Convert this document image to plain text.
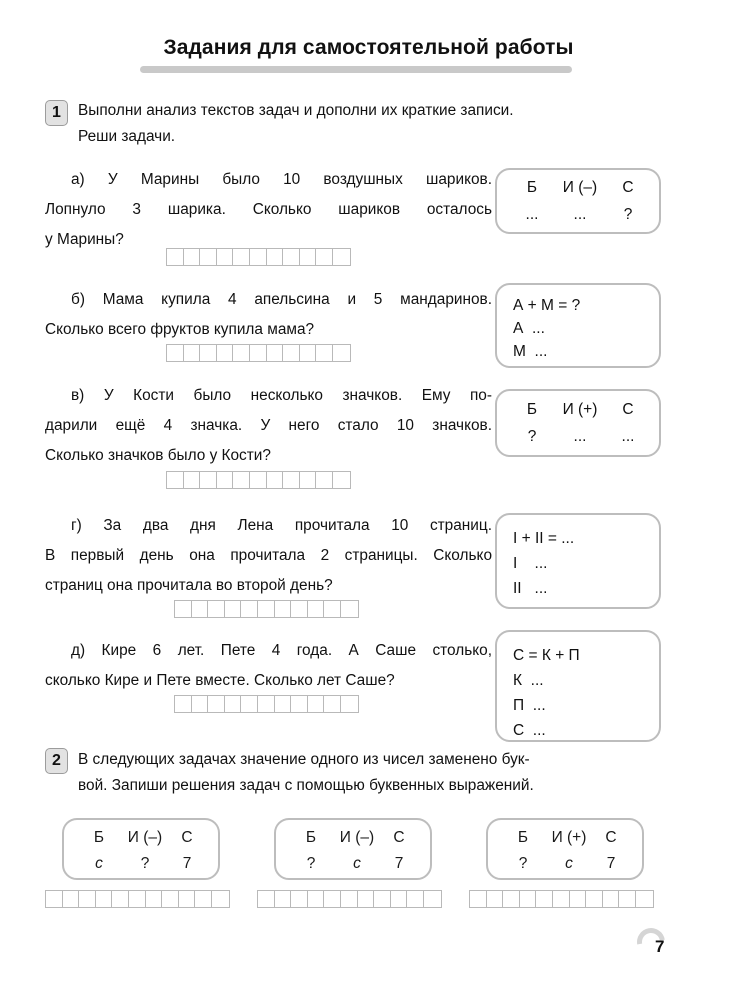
Задания для самостоятельной работы
1	Выполни анализ текстов задач и дополни их краткие записи.
Реши задачи.
а) У Марины было 10 воздушных шариков.
Лопнуло 3 шарика. Сколько шариков осталось
у Марины?
Б	И (–)	С
...	...	?
б) Мама купила 4 апельсина и 5 мандаринов.
Сколько всего фруктов купила мама?
А + М = ?
А  ...
М  ...
в) У Кости было несколько значков. Ему по-
дарили ещё 4 значка. У него стало 10 значков.
Сколько значков было у Кости?
Б	И (+)	С
?	...	...
г) За два дня Лена прочитала 10 страниц.
В первый день она прочитала 2 страницы. Сколько
страниц она прочитала во второй день?
I + II = ...
I    ...
II   ...
д) Кире 6 лет. Пете 4 года. А Саше столько,
сколько Кире и Пете вместе. Сколько лет Саше?
С = К + П
К  ...
П  ...
С  ...
2	В следующих задачах значение одного из чисел заменено бук-
вой. Запиши решения задач с помощью буквенных выражений.
Б	И (–)	С
с	?	7
Б	И (–)	С
?	с	7
Б	И (+)	С
?	с	7
7
